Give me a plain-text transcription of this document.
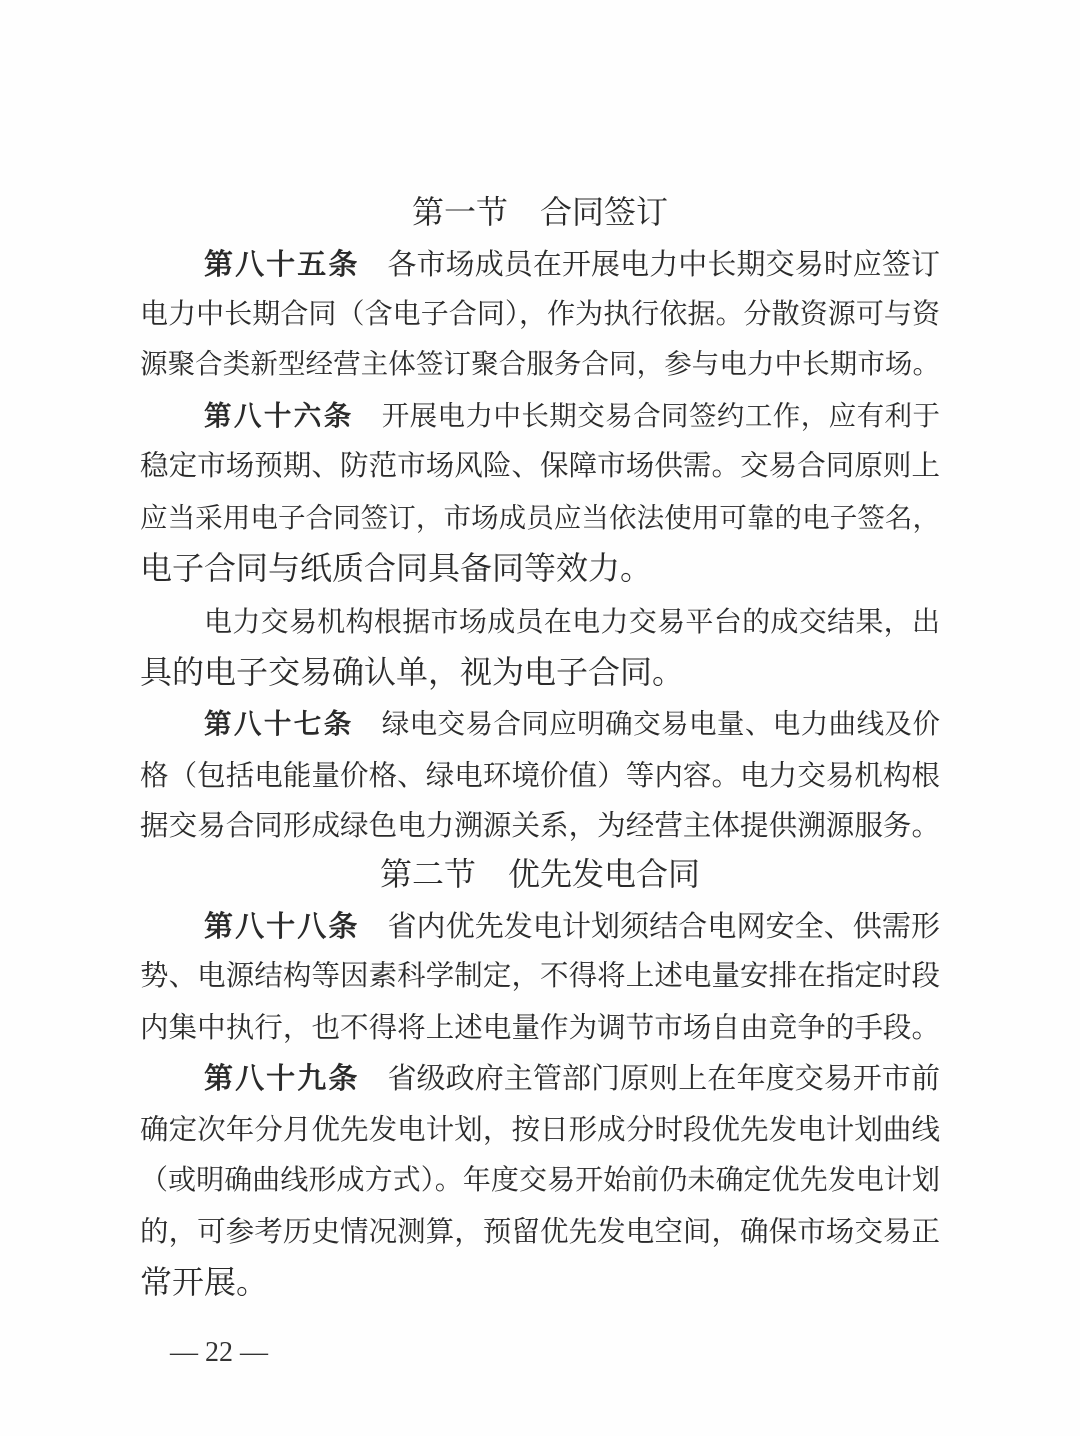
第一节　合同签订
第八十五条 各市场成员在开展电力中长期交易时应签订
电力中长期合同（含电子合同），作为执行依据。分散资源可与资
源聚合类新型经营主体签订聚合服务合同，参与电力中长期市场。
第八十六条 开展电力中长期交易合同签约工作，应有利于
稳定市场预期、防范市场风险、保障市场供需。交易合同原则上
应当采用电子合同签订，市场成员应当依法使用可靠的电子签名，
电子合同与纸质合同具备同等效力。
电力交易机构根据市场成员在电力交易平台的成交结果，出
具的电子交易确认单，视为电子合同。
第八十七条 绿电交易合同应明确交易电量、电力曲线及价
格（包括电能量价格、绿电环境价值）等内容。电力交易机构根
据交易合同形成绿色电力溯源关系，为经营主体提供溯源服务。
第二节　优先发电合同
第八十八条 省内优先发电计划须结合电网安全、供需形
势、电源结构等因素科学制定，不得将上述电量安排在指定时段
内集中执行，也不得将上述电量作为调节市场自由竞争的手段。
第八十九条 省级政府主管部门原则上在年度交易开市前
确定次年分月优先发电计划，按日形成分时段优先发电计划曲线
（或明确曲线形成方式）。年度交易开始前仍未确定优先发电计划
的，可参考历史情况测算，预留优先发电空间，确保市场交易正
常开展。
— 22 —
